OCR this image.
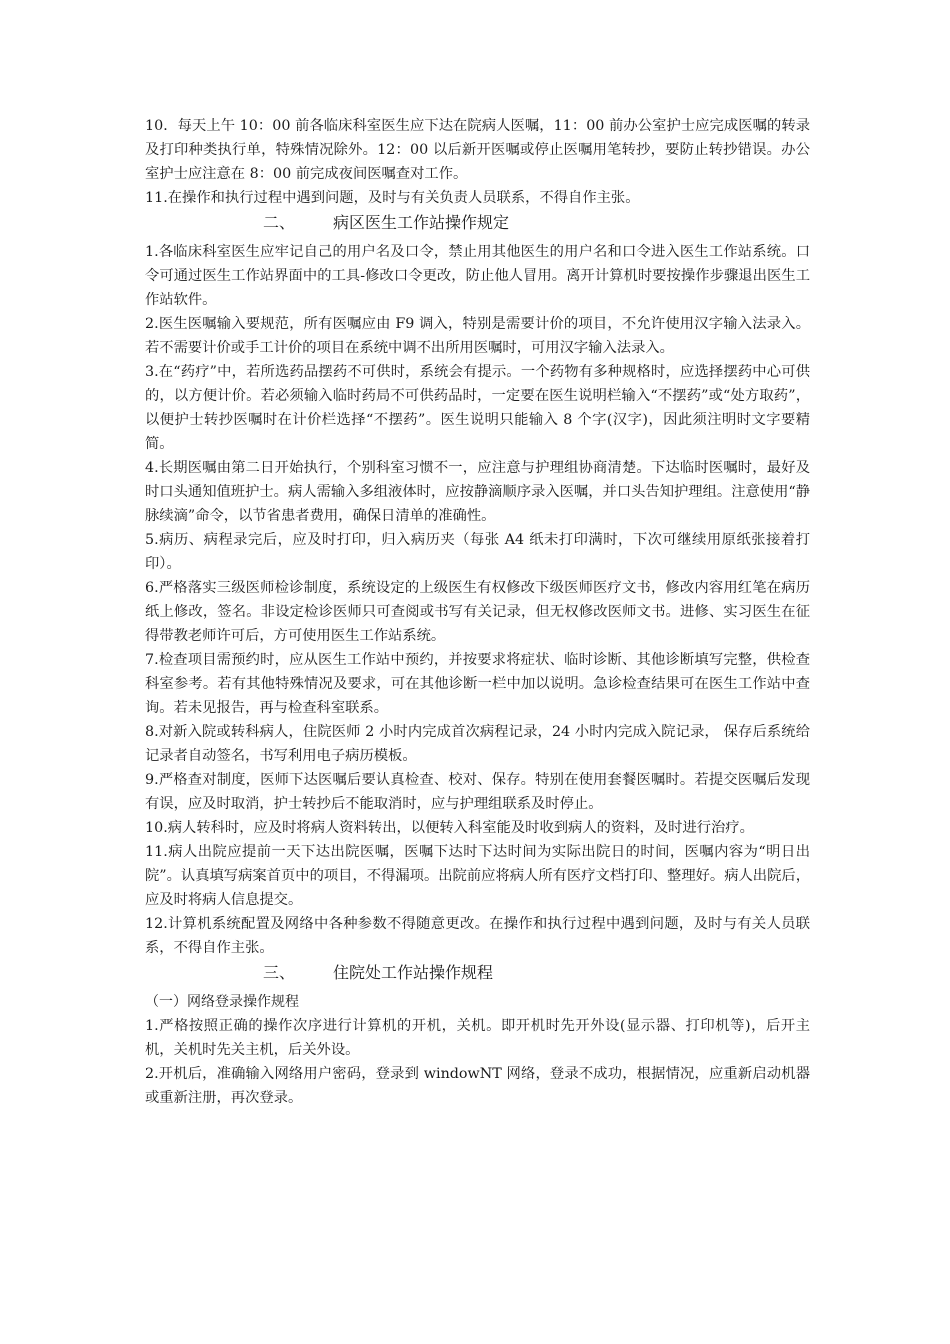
10．每天上午 10：00 前各临床科室医生应下达在院病人医嘱，11：00 前办公室护士应完成医嘱的转录及打印种类执行单，特殊情况除外。12：00 以后新开医嘱或停止医嘱用笔转抄，要防止转抄错误。办公室护士应注意在 8：00 前完成夜间医嘱查对工作。

11.在操作和执行过程中遇到问题，及时与有关负责人员联系，不得自作主张。

二、 病区医生工作站操作规定

1.各临床科室医生应牢记自己的用户名及口令，禁止用其他医生的用户名和口令进入医生工作站系统。口令可通过医生工作站界面中的工具-修改口令更改，防止他人冒用。离开计算机时要按操作步骤退出医生工作站软件。

2.医生医嘱输入要规范，所有医嘱应由 F9 调入，特别是需要计价的项目，不允许使用汉字输入法录入。若不需要计价或手工计价的项目在系统中调不出所用医嘱时，可用汉字输入法录入。

3.在“药疗”中，若所选药品摆药不可供时，系统会有提示。一个药物有多种规格时，应选择摆药中心可供的，以方便计价。若必须输入临时药局不可供药品时，一定要在医生说明栏输入“不摆药”或“处方取药”，以便护士转抄医嘱时在计价栏选择“不摆药”。医生说明只能输入 8 个字(汉字)，因此须注明时文字要精简。

4.长期医嘱由第二日开始执行，个别科室习惯不一，应注意与护理组协商清楚。下达临时医嘱时，最好及时口头通知值班护士。病人需输入多组液体时，应按静滴顺序录入医嘱，并口头告知护理组。注意使用“静脉续滴”命令，以节省患者费用，确保日清单的准确性。

5.病历、病程录完后，应及时打印，归入病历夹（每张 A4 纸未打印满时，下次可继续用原纸张接着打印）。

6.严格落实三级医师检诊制度，系统设定的上级医生有权修改下级医师医疗文书，修改内容用红笔在病历纸上修改，签名。非设定检诊医师只可查阅或书写有关记录，但无权修改医师文书。进修、实习医生在征得带教老师许可后，方可使用医生工作站系统。

7.检查项目需预约时，应从医生工作站中预约，并按要求将症状、临时诊断、其他诊断填写完整，供检查科室参考。若有其他特殊情况及要求，可在其他诊断一栏中加以说明。急诊检查结果可在医生工作站中查询。若未见报告，再与检查科室联系。

8.对新入院或转科病人，住院医师 2 小时内完成首次病程记录，24 小时内完成入院记录， 保存后系统给记录者自动签名，书写利用电子病历模板。

9.严格查对制度，医师下达医嘱后要认真检查、校对、保存。特别在使用套餐医嘱时。若提交医嘱后发现有误，应及时取消，护士转抄后不能取消时，应与护理组联系及时停止。

10.病人转科时，应及时将病人资料转出，以便转入科室能及时收到病人的资料，及时进行治疗。

11.病人出院应提前一天下达出院医嘱，医嘱下达时下达时间为实际出院日的时间，医嘱内容为“明日出院”。认真填写病案首页中的项目，不得漏项。出院前应将病人所有医疗文档打印、整理好。病人出院后，应及时将病人信息提交。

12.计算机系统配置及网络中各种参数不得随意更改。在操作和执行过程中遇到问题，及时与有关人员联系，不得自作主张。

三、 住院处工作站操作规程

（一）网络登录操作规程

1.严格按照正确的操作次序进行计算机的开机，关机。即开机时先开外设(显示器、打印机等)，后开主机，关机时先关主机，后关外设。

2.开机后，准确输入网络用户密码，登录到 windowNT 网络，登录不成功，根据情况，应重新启动机器或重新注册，再次登录。
